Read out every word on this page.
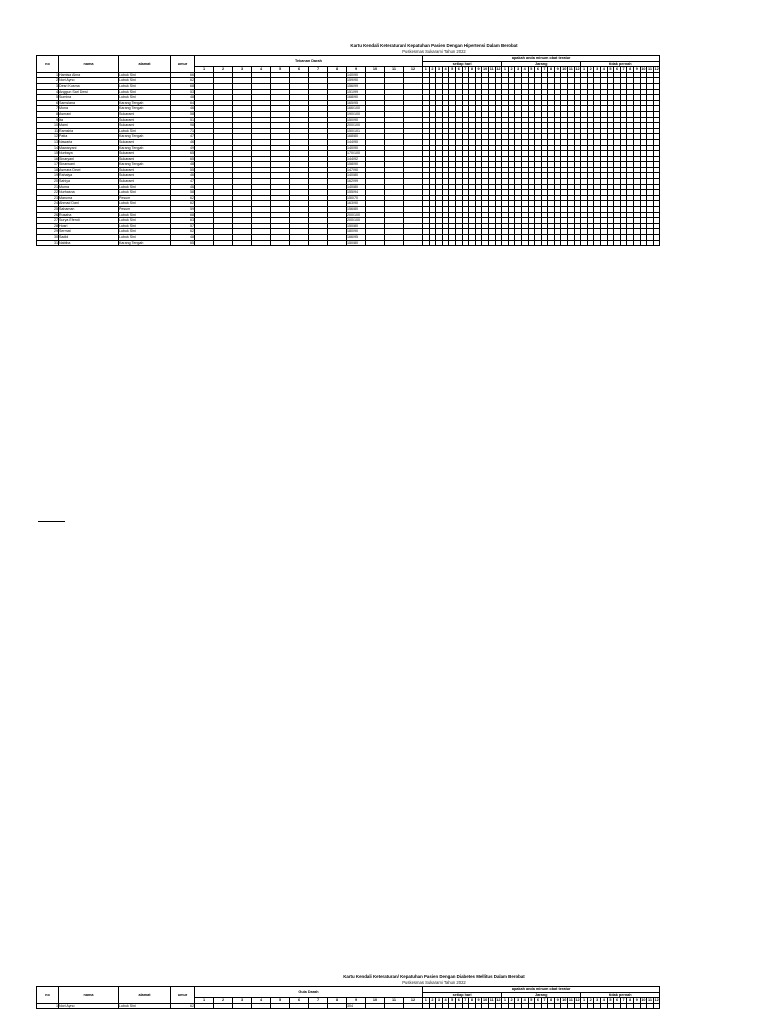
Kartu Kendali Keteraturan/ Kepatuhan Pasien Dengan Hipertensi Dalam Berobat
Puskesmas Sukarami Tahun 2022
no	nama	alamat	umur	Tekanan Darah												apakah anda minum obat teratur																																			
																setiap hari												Jarang												tidak pernah											
				1	2	3	4	5	6	7	8	9	10	11	12	1	2	3	4	5	6	7	8	9	10	11	12	1	2	3	4	5	6	7	8	9	10	11	12	1	2	3	4	5	6	7	8	9	10	11	12
1	Hamisa Alma	Lubuk Sini	66									140/90																																							
2	Nori Ayno	Lubuk Sini	62									159/90																																							
3	Desri Kusma	Lubuk Sini	68									156/99																																							
4	Anggun Sari Dewi	Lubuk Sini	53									151/99																																							
5	Sumina	Lubuk Sini	48									168/90																																							
6	Samsiana	Karang Tengah	64									165/95																																							
7	Muna	Karang Tengah	46									166/100																																							
8	Asmani	Sukarami	58									190/100																																							
9	Ita	Sukarami	51									150/90																																							
10	Mami	Sukarami	98									200/100																																							
11	Ramsiria	Lubuk Sini	71									150/101																																							
12	Patia	Karang Tengah	47									168/80																																							
13	Nawaria	Sukarami	46									144/90																																							
14	Mawaryani	Karang Tengah	49									140/90																																							
15	Nurbaya	Sukarami	65									170/100																																							
16	Sinaryani	Sukarami	65									144/92																																							
17	Sinarwani	Karang Tengah	48									158/90																																							
18	Asmara Dewi	Sukarami	55									147/90																																							
19	Rahaiya	Sukarami	46									140/80																																							
20	Sahiya	Sukarami	47									162/99																																							
21	Muma	Lubuk Sini	46									140/80																																							
22	Nurhasna	Lubuk Sini	58									155/94																																							
23	Maruma	Pesum	62									150/70																																							
24	Ahmad Dani	Lubuk Sini	62									163/90																																							
25	Sahaman	Pesum	59									156/80																																							
26	Rusaha	Lubuk Sini	68									200/100																																							
27	Surya Efendi	Lubuk Sini	63									200/100																																							
28	Hosri	Lubuk Sini	57									150/80																																							
29	Sermat	Lubuk Sini	62									180/90																																							
30	Sadid	Lubuk Sini	48									166/95																																							
31	Nabiba	Karang Tengah	65									150/80																																							
Kartu Kendali Keteraturan/ Kepatuhan Pasien Dengan Diabetes Mellitus Dalam Berobat
Puskesmas Sukarami Tahun 2022
no	nama	alamat	umur	Gula Darah												apakah anda minum obat teratur																																			
																setiap hari												Jarang												tidak pernah											
				1	2	3	4	5	6	7	8	9	10	11	12	1	2	3	4	5	6	7	8	9	10	11	12	1	2	3	4	5	6	7	8	9	10	11	12	1	2	3	4	5	6	7	8	9	10	11	12
1	Nori Ayno	Lubuk Sini	62									304																																							
